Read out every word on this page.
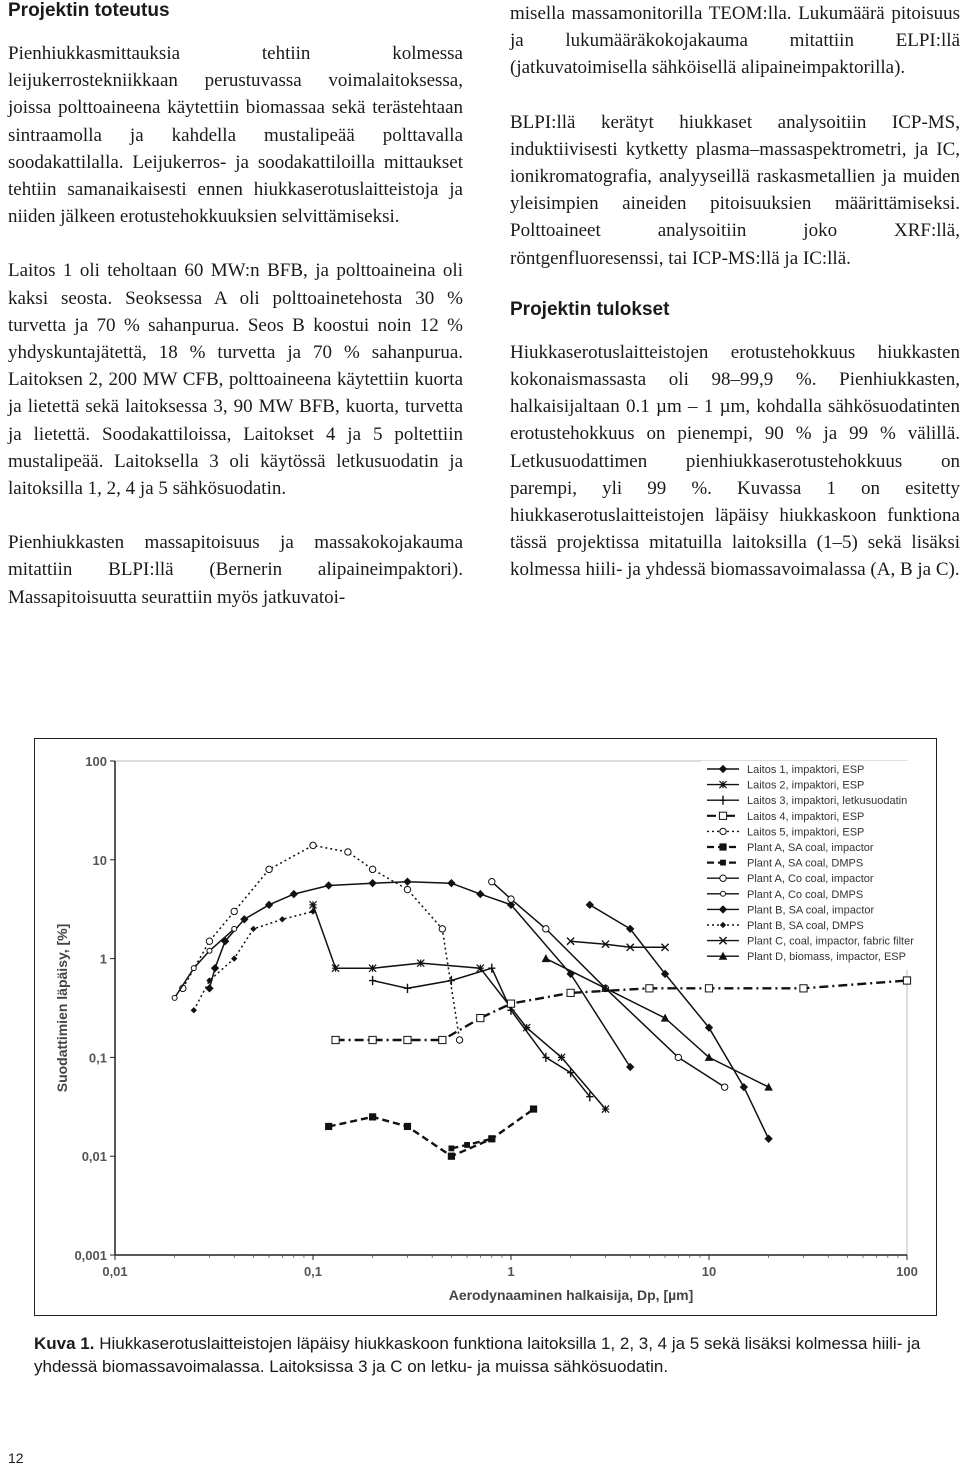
Projektin toteutus

Pienhiukkasmittauksia tehtiin kolmessa leijukerrostekniikkaan perustuvassa voimalaitoksessa, joissa polttoaineena käytettiin biomassaa sekä terästehtaan sintraamolla ja kahdella mustalipeää polttavalla soodakattilalla. Leijukerros- ja soodakattiloilla mittaukset tehtiin samanaikaisesti ennen hiukkaserotuslaitteistoja ja niiden jälkeen erotustehokkuuksien selvittämiseksi.

Laitos 1 oli teholtaan 60 MW:n BFB, ja polttoaineina oli kaksi seosta. Seoksessa A oli polttoainetehosta 30 % turvetta ja 70 % sahanpurua. Seos B koostui noin 12 % yhdyskuntajätettä, 18 % turvetta ja 70 % sahanpurua. Laitoksen 2, 200 MW CFB, polttoaineena käytettiin kuorta ja lietettä sekä laitoksessa 3, 90 MW BFB, kuorta, turvetta ja lietettä. Soodakattiloissa, Laitokset 4 ja 5 poltettiin mustalipeää. Laitoksella 3 oli käytössä letkusuodatin ja laitoksilla 1, 2, 4 ja 5 sähkösuodatin.

Pienhiukkasten massapitoisuus ja massakokojakauma mitattiin BLPI:llä (Bernerin alipaineimpaktori). Massapitoisuutta seurattiin myös jatkuvatoi-

misella massamonitorilla TEOM:lla. Lukumäärä pitoisuus ja lukumääräkokojakauma mitattiin ELPI:llä (jatkuvatoimisella sähköisellä alipaineimpaktorilla).

BLPI:llä kerätyt hiukkaset analysoitiin ICP-MS, induktiivisesti kytketty plasma–massaspektrometri, ja IC, ionikromatografia, analyyseillä raskasmetallien ja muiden yleisimpien aineiden pitoisuuksien määrittämiseksi. Polttoaineet analysoitiin joko XRF:llä, röntgenfluoresenssi, tai ICP-MS:llä ja IC:llä.

Projektin tulokset

Hiukkaserotuslaitteistojen erotustehokkuus hiukkasten kokonaismassasta oli 98–99,9 %. Pienhiukkasten, halkaisijaltaan 0.1 µm – 1 µm, kohdalla sähkösuodatinten erotustehokkuus on pienempi, 90 % ja 99 % välillä. Letkusuodattimen pienhiukkaserotustehokkuus on parempi, yli 99 %. Kuvassa 1 on esitetty hiukkaserotuslaitteistojen läpäisy hiukkaskoon funktiona tässä projektissa mitatuilla laitoksilla (1–5) sekä lisäksi kolmessa hiili- ja yhdessä biomassavoimalassa (A, B ja C).

0,001
0,01
0,1
1
10
100
0,01	0,1	1	10	100
Aerodynaaminen halkaisija, Dp, [µm]
Suodattimien läpäisy, [%]
Laitos 1, impaktori, ESP
Laitos 2, impaktori, ESP
Laitos 3, impaktori, letkusuodatin
Laitos 4, impaktori, ESP
Laitos 5, impaktori, ESP
Plant A, SA coal, impactor
Plant A, SA coal, DMPS
Plant A, Co coal, impactor
Plant A, Co coal, DMPS
Plant B, SA coal, impactor
Plant B, SA coal, DMPS
Plant C, coal, impactor, fabric filter
Plant D, biomass, impactor, ESP
Kuva 1. Hiukkaserotuslaitteistojen läpäisy hiukkaskoon funktiona laitoksilla 1, 2, 3, 4 ja 5 sekä lisäksi kolmessa hiili- ja yhdessä biomassavoimalassa. Laitoksissa 3 ja C on letku- ja muissa sähkösuodatin.
12
